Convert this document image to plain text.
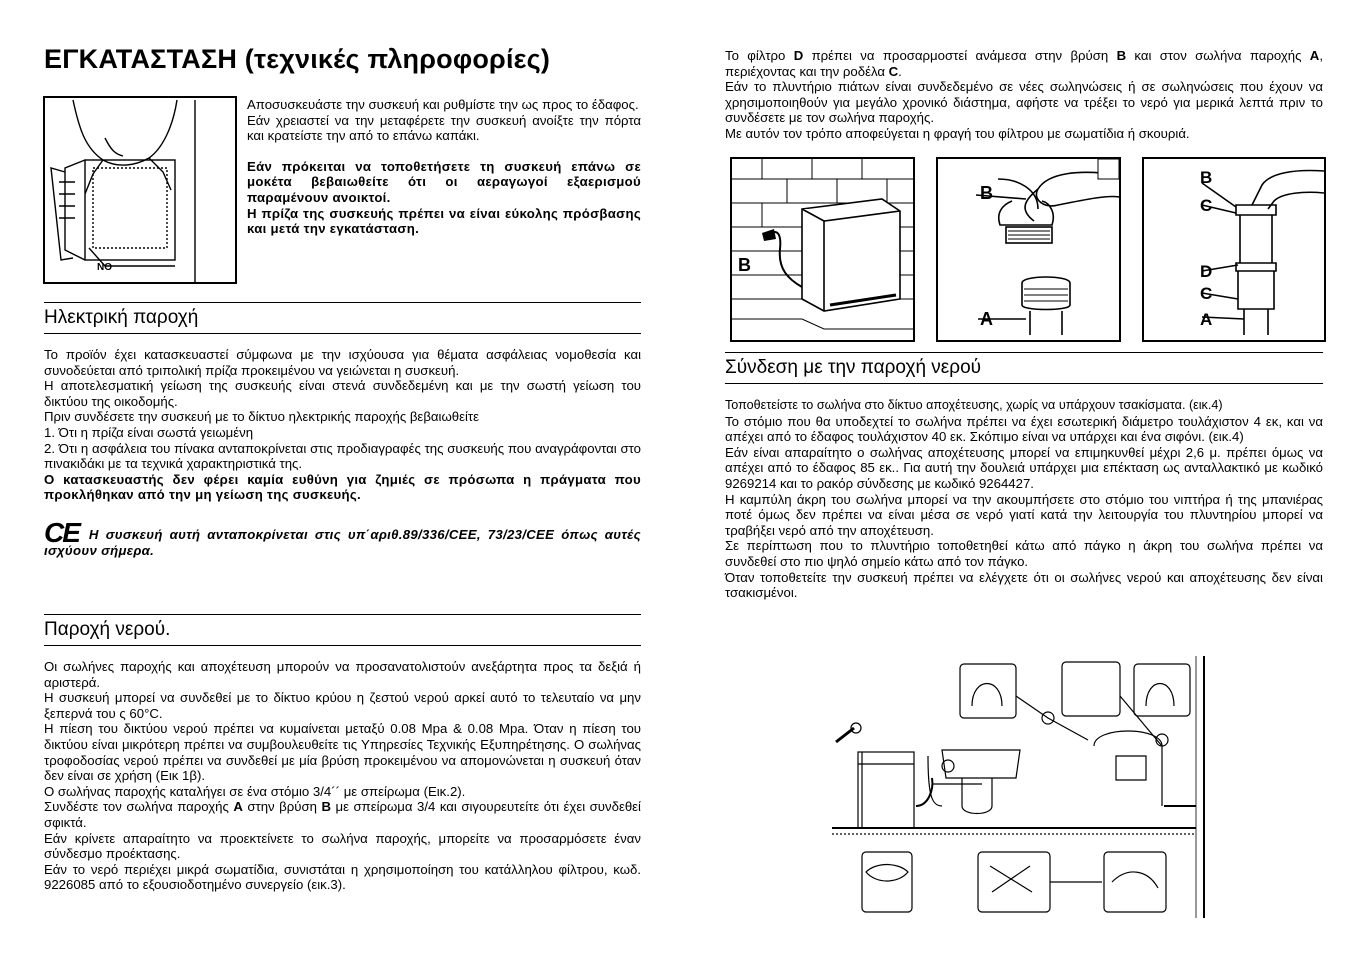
ΕΓΚΑΤΑΣΤΑΣΗ (τεχνικές πληροφορίες)
NO

Αποσυσκευάστε την συσκευή και ρυθμίστε την ως προς το έδαφος.

Εάν χρειαστεί να την μεταφέρετε την συσκευή ανοίξτε την πόρτα και κρατείστε την από το επάνω καπάκι.

Εάν πρόκειται να τοποθετήσετε τη συσκευή επάνω σε μοκέτα βεβαιωθείτε ότι οι αεραγωγοί εξαερισμού παραμένουν ανοικτοί.

Η πρίζα της συσκευής πρέπει να είναι εύκολης πρόσβασης και μετά την εγκατάσταση.

Ηλεκτρική παροχή

Το προϊόν έχει κατασκευαστεί σύμφωνα με την ισχύουσα για θέματα ασφάλειας νομοθεσία και συνοδεύεται από τριπολική πρίζα προκειμένου να γειώνεται η συσκευή.

Η αποτελεσματική γείωση της συσκευής είναι στενά συνδεδεμένη και με την σωστή γείωση του δικτύου της οικοδομής.

Πριν συνδέσετε την συσκευή με το δίκτυο ηλεκτρικής παροχής βεβαιωθείτε

1. Ότι η πρίζα είναι σωστά γειωμένη

2. Ότι η ασφάλεια του πίνακα ανταποκρίνεται στις προδιαγραφές της συσκευής που αναγράφονται στο πινακιδάκι με τα τεχνικά χαρακτηριστικά της.

Ο κατασκευαστής δεν φέρει καμία ευθύνη για ζημιές σε πρόσωπα η πράγματα που προκλήθηκαν από την μη γείωση της συσκευής.

CE Η συσκευή αυτή ανταποκρίνεται στις υπ΄αριθ.89/336/CEE, 73/23/CEE όπως αυτές ισχύουν σήμερα.

Παροχή νερού.

Οι σωλήνες παροχής και αποχέτευση μπορούν να προσανατολιστούν ανεξάρτητα προς τα δεξιά ή αριστερά.

Η συσκευή μπορεί να συνδεθεί με το δίκτυο κρύου η ζεστού νερού αρκεί αυτό το τελευταίο να μην ξεπερνά του ς 60°C.

Η πίεση του δικτύου νερού πρέπει να κυμαίνεται μεταξύ 0.08 Mpa & 0.08 Mpa. Όταν η πίεση του δικτύου είναι μικρότερη πρέπει να συμβουλευθείτε τις Υπηρεσίες Τεχνικής Εξυπηρέτησης. Ο σωλήνας τροφοδοσίας νερού πρέπει να συνδεθεί με μία βρύση προκειμένου να απομονώνεται η συσκευή όταν δεν είναι σε χρήση (Εικ 1β).

Ο σωλήνας παροχής καταλήγει σε ένα στόμιο 3/4´´ με σπείρωμα (Εικ.2).

Συνδέστε τον σωλήνα παροχής A στην βρύση B με σπείρωμα 3/4 και σιγουρευτείτε ότι έχει συνδεθεί σφικτά.

Εάν κρίνετε απαραίτητο να προεκτείνετε το σωλήνα παροχής, μπορείτε να προσαρμόσετε έναν σύνδεσμο προέκτασης.

Εάν το νερό περιέχει μικρά σωματίδια, συνιστάται η χρησιμοποίηση του κατάλληλου φίλτρου, κωδ. 9226085 από το εξουσιοδοτημένο συνεργείο (εικ.3).

Το φίλτρο D πρέπει να προσαρμοστεί ανάμεσα στην βρύση B και στον σωλήνα παροχής A, περιέχοντας και την ροδέλα C.

Εάν το πλυντήριο πιάτων είναι συνδεδεμένο σε νέες σωληνώσεις ή σε σωληνώσεις που έχουν να χρησιμοποιηθούν για μεγάλο χρονικό διάστημα, αφήστε να τρέξει το νερό για μερικά λεπτά πριν το συνδέσετε με τον σωλήνα παροχής.

Με αυτόν τον τρόπο αποφεύγεται η φραγή του φίλτρου με σωματίδια ή σκουριά.

B
B
A
B
C
D
C
A
Σύνδεση με την παροχή νερού

Τοποθετείστε το σωλήνα στο δίκτυο αποχέτευσης, χωρίς να υπάρχουν τσακίσματα. (εικ.4)

Το στόμιο που θα υποδεχτεί το σωλήνα πρέπει να έχει εσωτερική διάμετρο τουλάχιστον 4 εκ, και να απέχει από το έδαφος τουλάχιστον 40 εκ. Σκόπιμο είναι να υπάρχει και ένα σιφόνι. (εικ.4)

Εάν είναι απαραίτητο ο σωλήνας αποχέτευσης μπορεί να επιμηκυνθεί μέχρι 2,6 μ. πρέπει όμως να απέχει από το έδαφος 85 εκ.. Για αυτή την δουλειά υπάρχει μια επέκταση ως ανταλλακτικό με κωδικό 9269214 και το ρακόρ σύνδεσης με κωδικό 9264427.

Η καμπύλη άκρη του σωλήνα μπορεί να την ακουμπήσετε στο στόμιο του νιπτήρα ή της μπανιέρας ποτέ όμως δεν πρέπει να είναι μέσα σε νερό γιατί κατά την λειτουργία του πλυντηρίου μπορεί να τραβήξει νερό από την αποχέτευση.

Σε περίπτωση που το πλυντήριο τοποθετηθεί κάτω από πάγκο η άκρη του σωλήνα πρέπει να συνδεθεί στο πιο ψηλό σημείο κάτω από τον πάγκο.

Όταν τοποθετείτε την συσκευή πρέπει να ελέγχετε ότι οι σωλήνες νερού και αποχέτευσης δεν είναι τσακισμένοι.
